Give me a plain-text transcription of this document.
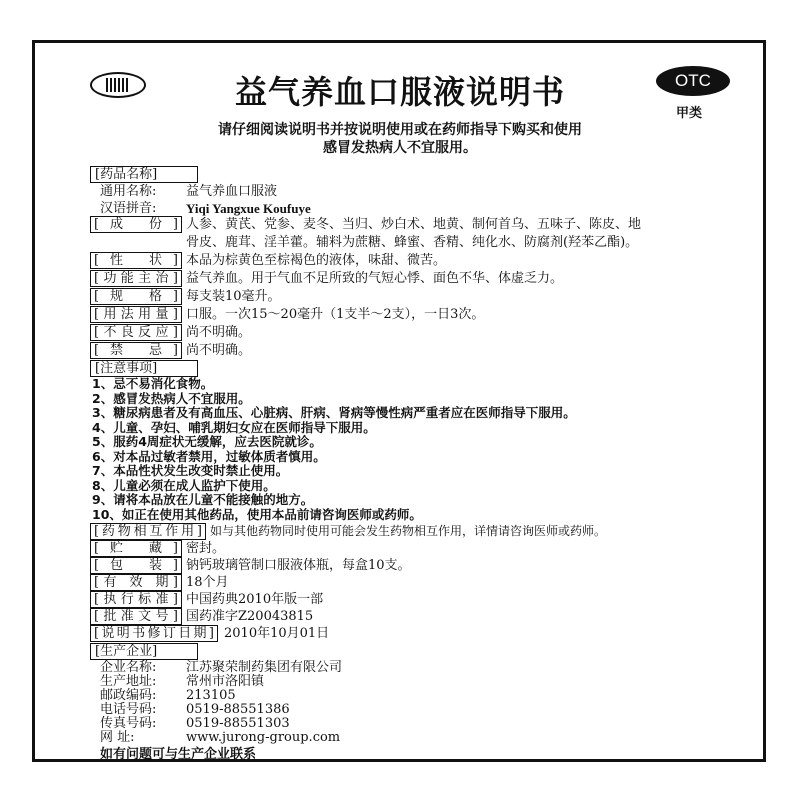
益气养血口服液说明书	OTC
甲类
请仔细阅读说明书并按说明使用或在药师指导下购买和使用
感冒发热病人不宜服用。
[药品名称]
通用名称:	益气养血口服液
汉语拼音:	Yiqi Yangxue Koufuye
[成 份] 人参、黄芪、党参、麦冬、当归、炒白术、地黄、制何首乌、五味子、陈皮、地
骨皮、鹿茸、淫羊藿。辅料为蔗糖、蜂蜜、香精、纯化水、防腐剂(羟苯乙酯)。
[性 状] 本品为棕黄色至棕褐色的液体，味甜、微苦。
[功能主治] 益气养血。用于气血不足所致的气短心悸、面色不华、体虚乏力。
[规 格] 每支装10毫升。
[用法用量] 口服。一次15～20毫升（1支半～2支），一日3次。
[不良反应] 尚不明确。
[禁 忌] 尚不明确。
[注意事项]
1、忌不易消化食物。
2、感冒发热病人不宜服用。
3、糖尿病患者及有高血压、心脏病、肝病、肾病等慢性病严重者应在医师指导下服用。
4、儿童、孕妇、哺乳期妇女应在医师指导下服用。
5、服药4周症状无缓解，应去医院就诊。
6、对本品过敏者禁用，过敏体质者慎用。
7、本品性状发生改变时禁止使用。
8、儿童必须在成人监护下使用。
9、请将本品放在儿童不能接触的地方。
10、如正在使用其他药品，使用本品前请咨询医师或药师。
[药物相互作用] 如与其他药物同时使用可能会发生药物相互作用，详情请咨询医师或药师。
[贮 藏] 密封。
[包 装] 钠钙玻璃管制口服液体瓶，每盒10支。
[有 效 期] 18个月
[执行标准] 中国药典2010年版一部
[批准文号] 国药准字Z20043815
[说明书修订日期] 2010年10月01日
[生产企业]
企业名称:	江苏聚荣制药集团有限公司
生产地址:	常州市洛阳镇
邮政编码:	213105
电话号码:	0519-88551386
传真号码:	0519-88551303
网 址:	www.jurong-group.com
如有问题可与生产企业联系
